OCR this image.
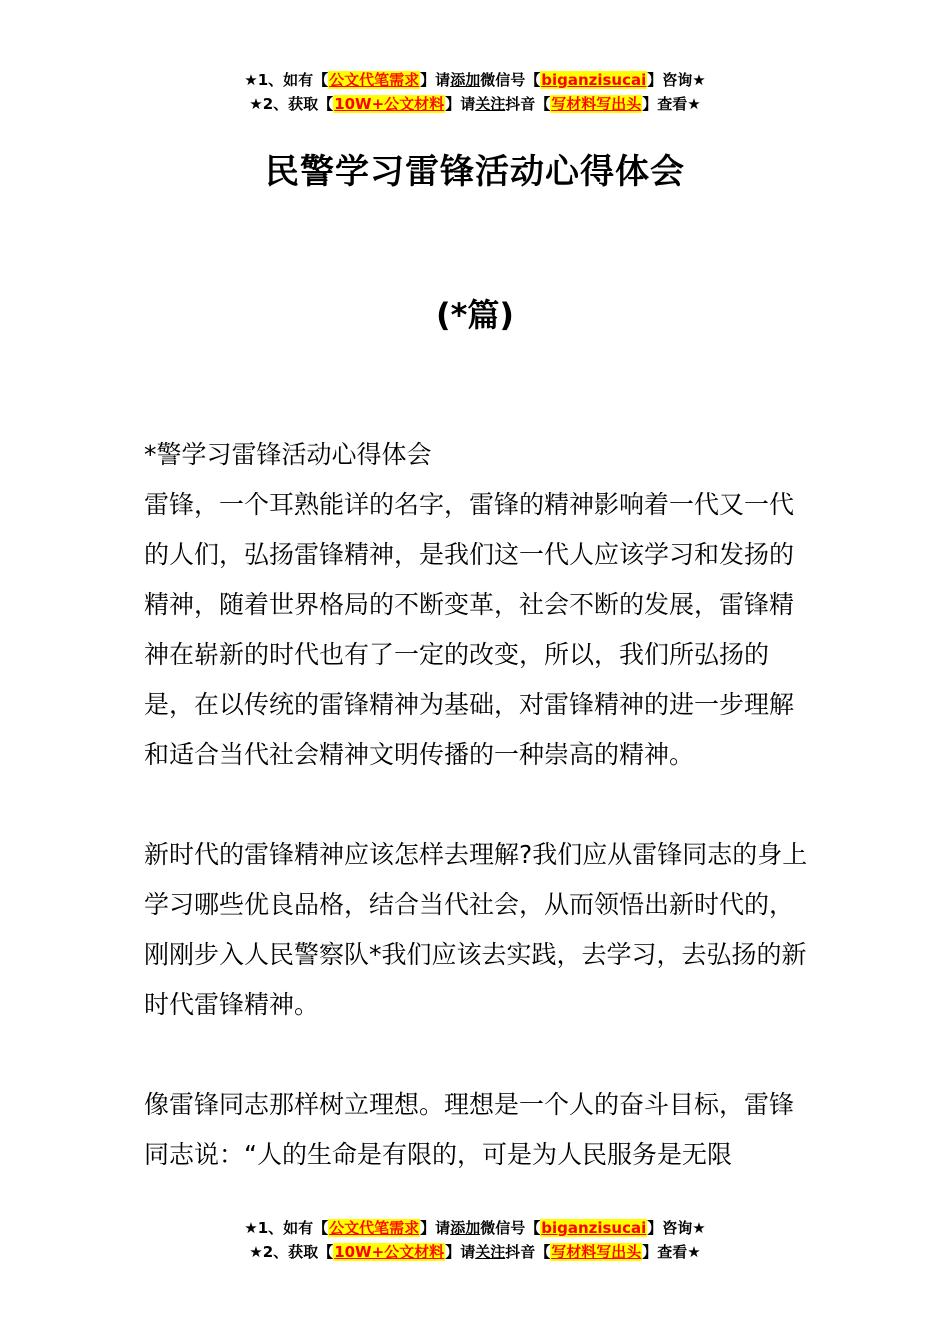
★1、如有【公文代笔需求】请添加微信号【biganzisucai】咨询★
★2、获取【10W+公文材料】请关注抖音【写材料写出头】查看★
民警学习雷锋活动心得体会
(*篇)

*警学习雷锋活动心得体会

雷锋，一个耳熟能详的名字，雷锋的精神影响着一代又一代的人们，弘扬雷锋精神，是我们这一代人应该学习和发扬的精神，随着世界格局的不断变革，社会不断的发展，雷锋精神在崭新的时代也有了一定的改变，所以，我们所弘扬的是，在以传统的雷锋精神为基础，对雷锋精神的进一步理解和适合当代社会精神文明传播的一种崇高的精神。

新时代的雷锋精神应该怎样去理解?我们应从雷锋同志的身上学习哪些优良品格，结合当代社会，从而领悟出新时代的，刚刚步入人民警察队*我们应该去实践，去学习，去弘扬的新时代雷锋精神。

像雷锋同志那样树立理想。理想是一个人的奋斗目标，雷锋同志说：“人的生命是有限的，可是为人民服务是无限

★1、如有【公文代笔需求】请添加微信号【biganzisucai】咨询★
★2、获取【10W+公文材料】请关注抖音【写材料写出头】查看★
